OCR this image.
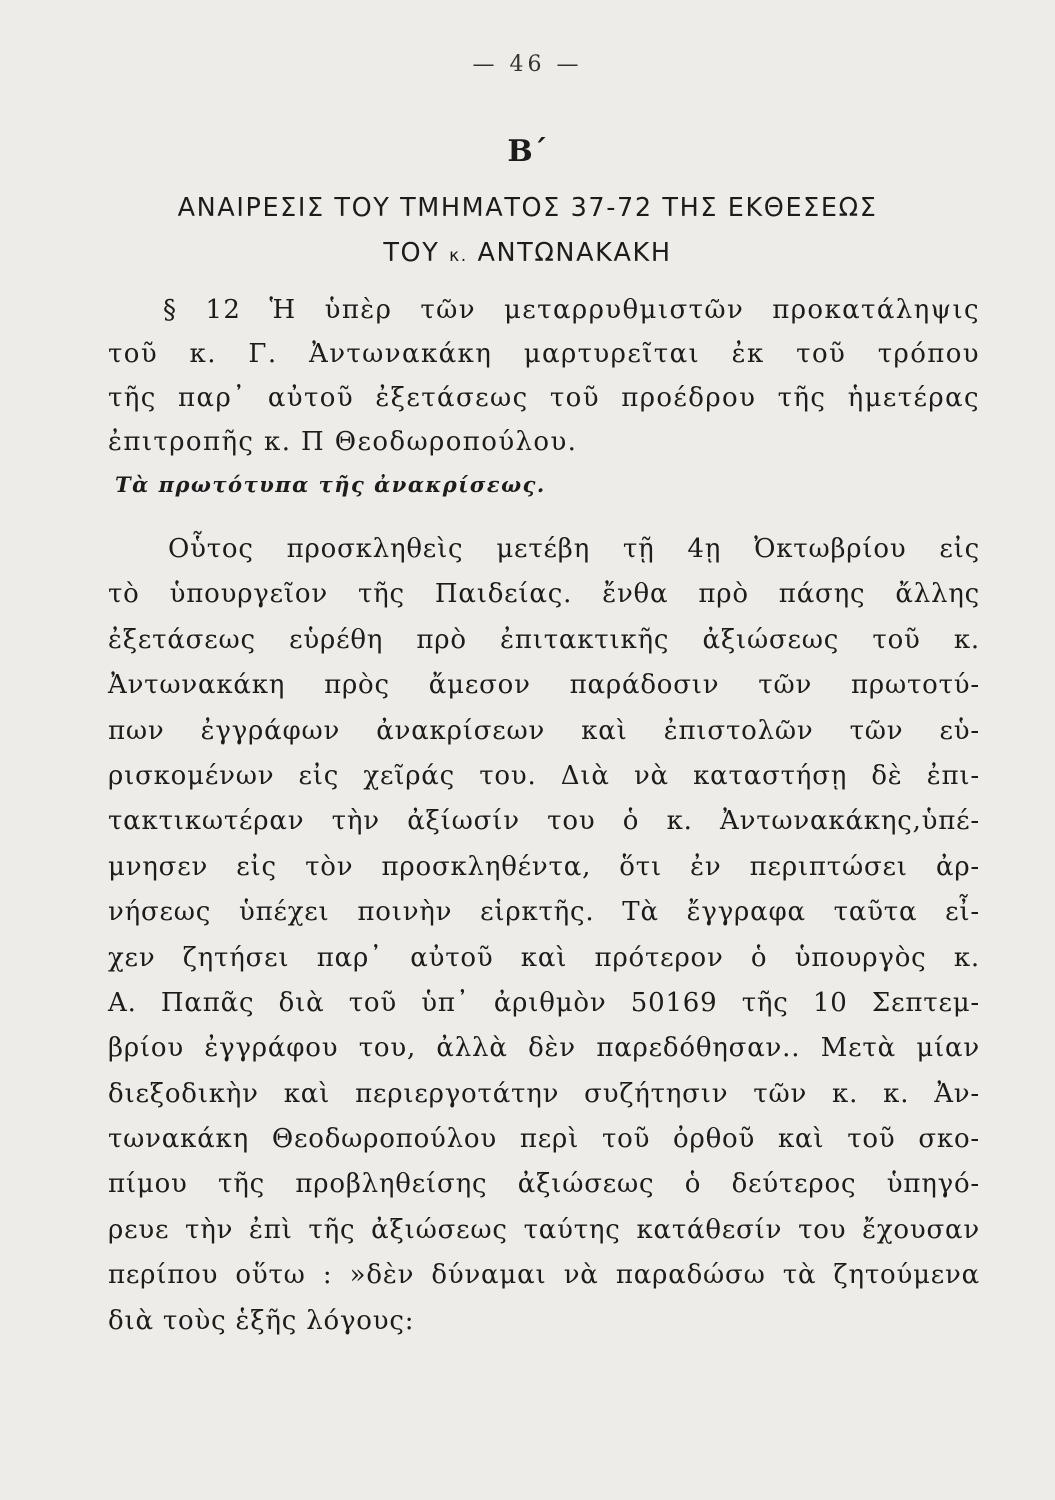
— 46 —
Β΄
ΑΝΑΙΡΕΣΙΣ ΤΟΥ ΤΜΗΜΑΤΟΣ 37-72 ΤΗΣ ΕΚΘΕΣΕΩΣ
ΤΟΥ κ. ΑΝΤΩΝΑΚΑΚΗ
§ 12 Ἡ ὑπὲρ τῶν μεταρρυθμιστῶν προκατάληψις
τοῦ κ. Γ. Ἀντωνακάκη μαρτυρεῖται ἐκ τοῦ τρόπου
τῆς παρ᾽ αὐτοῦ ἐξετάσεως τοῦ προέδρου τῆς ἡμετέρας
ἐπιτροπῆς κ. Π Θεοδωροπούλου.
Τὰ πρωτότυπα τῆς ἀνακρίσεως.
Οὗτος προσκληθεὶς μετέβη τῇ 4ῃ Ὀκτωβρίου εἰς
τὸ ὑπουργεῖον τῆς Παιδείας. ἔνθα πρὸ πάσης ἄλλης
ἐξετάσεως εὑρέθη πρὸ ἐπιτακτικῆς ἀξιώσεως τοῦ κ.
Ἀντωνακάκη πρὸς ἄμεσον παράδοσιν τῶν πρωτοτύ-
πων ἐγγράφων ἀνακρίσεων καὶ ἐπιστολῶν τῶν εὑ-
ρισκομένων εἰς χεῖράς του. Διὰ νὰ καταστήσῃ δὲ ἐπι-
τακτικωτέραν τὴν ἀξίωσίν του ὁ κ. Ἀντωνακάκης,ὑπέ-
μνησεν εἰς τὸν προσκληθέντα, ὅτι ἐν περιπτώσει ἀρ-
νήσεως ὑπέχει ποινὴν εἱρκτῆς. Τὰ ἔγγραφα ταῦτα εἶ-
χεν ζητήσει παρ᾽ αὐτοῦ καὶ πρότερον ὁ ὑπουργὸς κ.
Α. Παπᾶς διὰ τοῦ ὑπ᾽ ἀριθμὸν 50169 τῆς 10 Σεπτεμ-
βρίου ἐγγράφου του, ἀλλὰ δὲν παρεδόθησαν.. Μετὰ μίαν
διεξοδικὴν καὶ περιεργοτάτην συζήτησιν τῶν κ. κ. Ἀν-
τωνακάκη Θεοδωροπούλου περὶ τοῦ ὀρθοῦ καὶ τοῦ σκο-
πίμου τῆς προβληθείσης ἀξιώσεως ὁ δεύτερος ὑπηγό-
ρευε τὴν ἐπὶ τῆς ἀξιώσεως ταύτης κατάθεσίν του ἔχουσαν
περίπου οὕτω : »δὲν δύναμαι νὰ παραδώσω τὰ ζητούμενα
διὰ τοὺς ἑξῆς λόγους:
